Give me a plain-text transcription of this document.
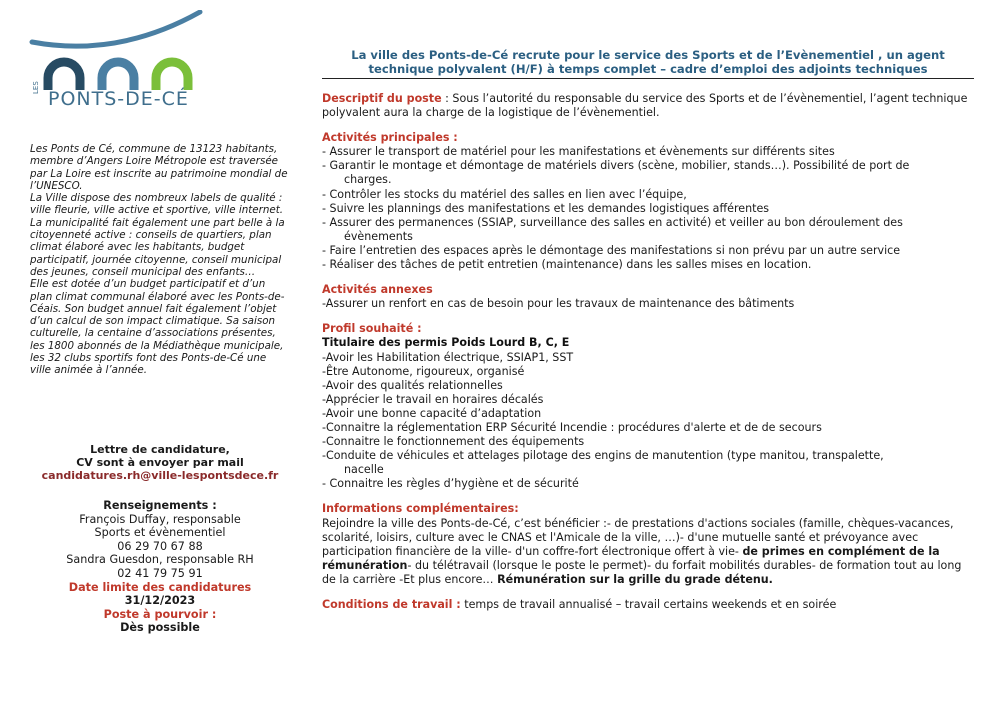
LES
PONTS-DE-CÉ

Les Ponts de Cé, commune de 13123 habitants, membre d’Angers Loire Métropole est traversée par La Loire est inscrite au patrimoine mondial de l’UNESCO.

La Ville dispose des nombreux labels de qualité : ville fleurie, ville active et sportive, ville internet.

La municipalité fait également une part belle à la citoyenneté active : conseils de quartiers, plan climat élaboré avec les habitants, budget participatif, journée citoyenne, conseil municipal des jeunes, conseil municipal des enfants…

Elle est dotée d’un budget participatif et d’un plan climat communal élaboré avec les Ponts-de-Céais. Son budget annuel fait également l’objet d’un calcul de son impact climatique. Sa saison culturelle, la centaine d’associations présentes, les 1800 abonnés de la Médiathèque municipale, les 32 clubs sportifs font des Ponts-de-Cé une ville animée à l’année.

Lettre de candidature,
CV sont à envoyer par mail
candidatures.rh@ville-lespontsdece.fr
Renseignements :
François Duffay, responsable
Sports et évènementiel
06 29 70 67 88
Sandra Guesdon, responsable RH
02 41 79 75 91
Date limite des candidatures
31/12/2023
Poste à pourvoir :
Dès possible
La ville des Ponts-de-Cé recrute pour le service des Sports et de l’Evènementiel , un agent
technique polyvalent (H/F) à temps complet – cadre d’emploi des adjoints techniques
Descriptif du poste : Sous l’autorité du responsable du service des Sports et de l’évènementiel, l’agent technique polyvalent aura la charge de la logistique de l’évènementiel.
Activités principales :
- Assurer le transport de matériel pour les manifestations et évènements sur différents sites
- Garantir le montage et démontage de matériels divers (scène, mobilier, stands…). Possibilité de port de
charges.
- Contrôler les stocks du matériel des salles en lien avec l’équipe,
- Suivre les plannings des manifestations et les demandes logistiques afférentes
- Assurer des permanences (SSIAP, surveillance des salles en activité) et veiller au bon déroulement des
évènements
- Faire l’entretien des espaces après le démontage des manifestations si non prévu par un autre service
- Réaliser des tâches de petit entretien (maintenance) dans les salles mises en location.
Activités annexes
-Assurer un renfort en cas de besoin pour les travaux de maintenance des bâtiments
Profil souhaité :
Titulaire des permis Poids Lourd B, C, E
-Avoir les Habilitation électrique, SSIAP1, SST
-Être Autonome, rigoureux, organisé
-Avoir des qualités relationnelles
-Apprécier le travail en horaires décalés
-Avoir une bonne capacité d’adaptation
-Connaitre la réglementation ERP Sécurité Incendie : procédures d'alerte et de de secours
-Connaitre le fonctionnement des équipements
-Conduite de véhicules et attelages pilotage des engins de manutention (type manitou, transpalette,
nacelle
- Connaitre les règles d’hygiène et de sécurité
Informations complémentaires:
Rejoindre la ville des Ponts-de-Cé, c’est bénéficier :- de prestations d'actions sociales (famille, chèques-vacances, scolarité, loisirs, culture avec le CNAS et l'Amicale de la ville, …)- d'une mutuelle santé et prévoyance avec participation financière de la ville- d'un coffre-fort électronique offert à vie- de primes en complément de la rémunération- du télétravail (lorsque le poste le permet)- du forfait mobilités durables- de formation tout au long de la carrière -Et plus encore… Rémunération sur la grille du grade détenu.
Conditions de travail : temps de travail annualisé – travail certains weekends et en soirée
